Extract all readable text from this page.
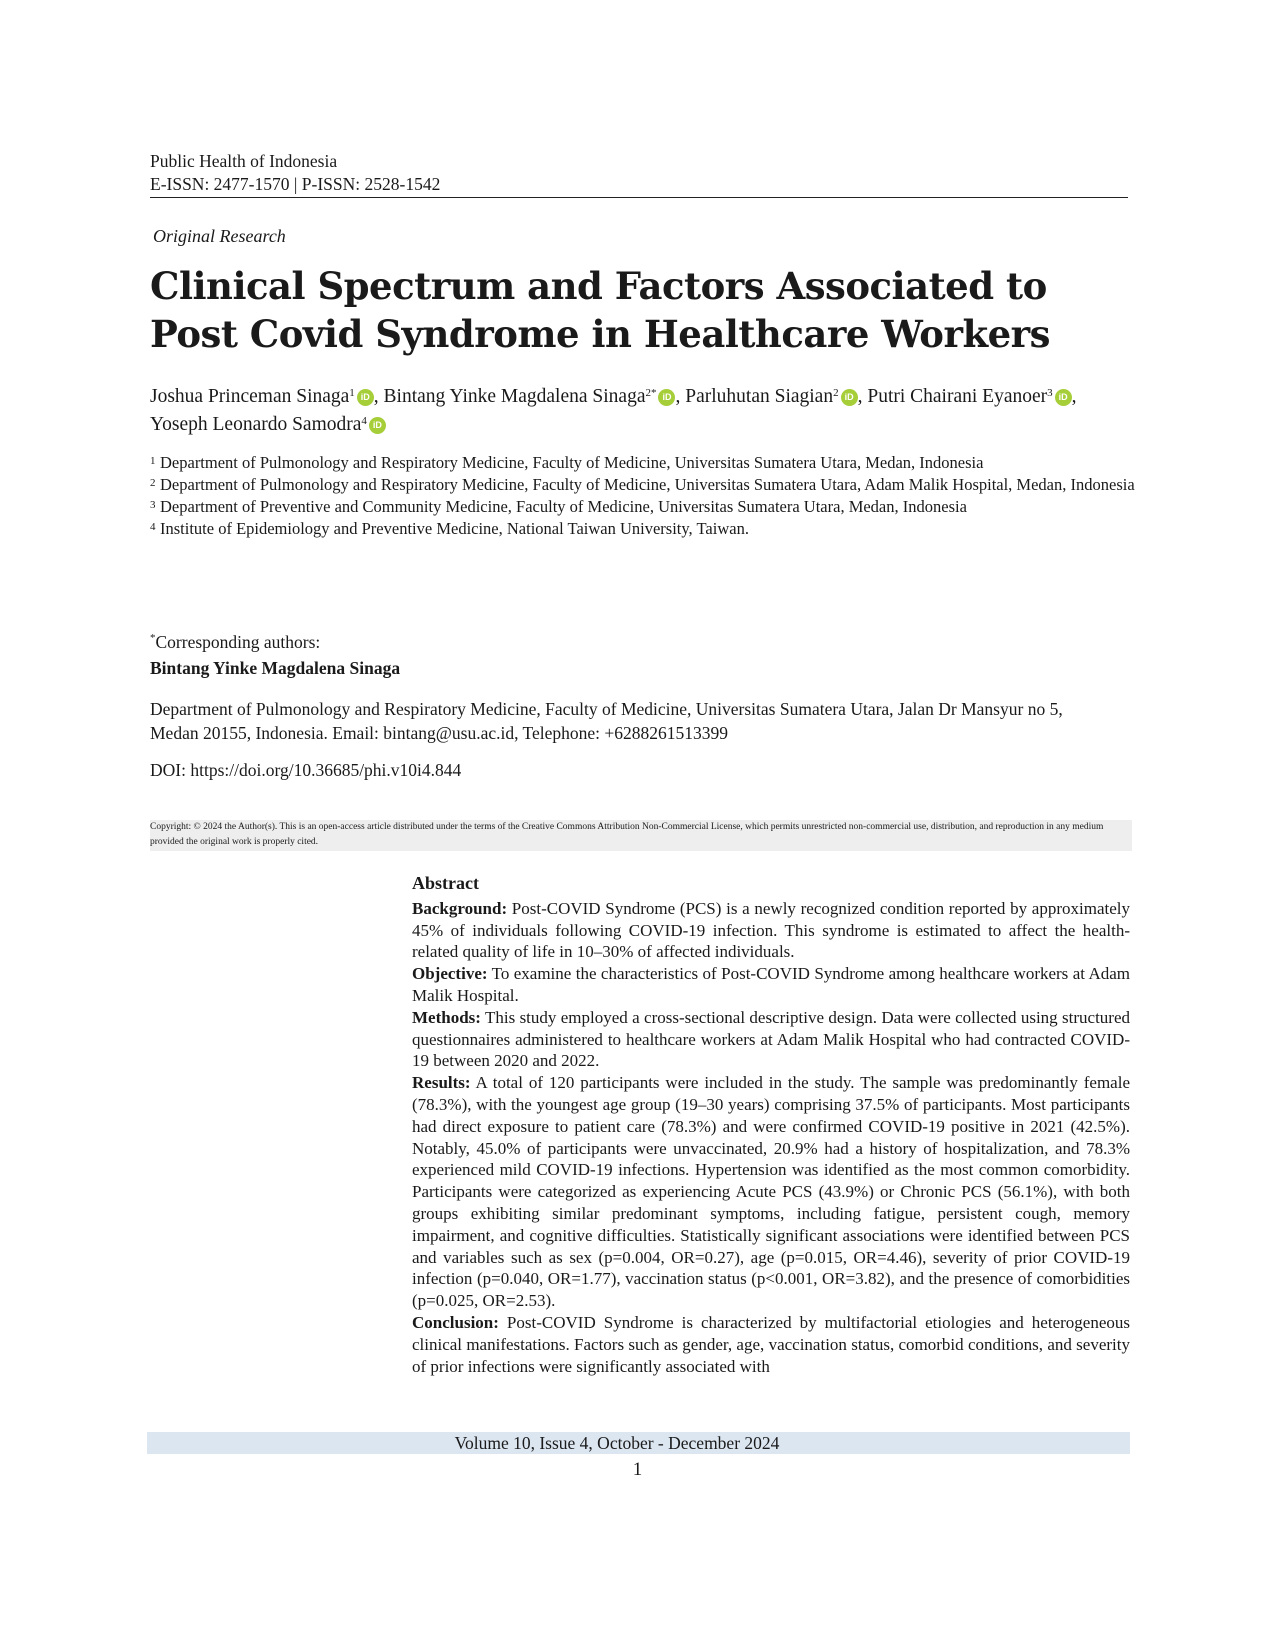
Public Health of Indonesia
E-ISSN: 2477-1570 | P-ISSN: 2528-1542
Original Research
Clinical Spectrum and Factors Associated to Post Covid Syndrome in Healthcare Workers
Joshua Princeman Sinaga$^1$ iD , Bintang Yinke Magdalena Sinaga$^{2*}$ iD , Parluhutan Siagian$^2$ iD , Putri Chairani Eyanoer$^3$ iD , Yoseph Leonardo Samodra$^4$ iD
1 Department of Pulmonology and Respiratory Medicine, Faculty of Medicine, Universitas Sumatera Utara, Medan, Indonesia
2 Department of Pulmonology and Respiratory Medicine, Faculty of Medicine, Universitas Sumatera Utara, Adam Malik Hospital, Medan, Indonesia
3 Department of Preventive and Community Medicine, Faculty of Medicine, Universitas Sumatera Utara, Medan, Indonesia
4 Institute of Epidemiology and Preventive Medicine, National Taiwan University, Taiwan.
*Corresponding authors:
Bintang Yinke Magdalena Sinaga
Department of Pulmonology and Respiratory Medicine, Faculty of Medicine, Universitas Sumatera Utara, Jalan Dr Mansyur no 5, Medan 20155, Indonesia. Email: bintang@usu.ac.id, Telephone: +6288261513399
DOI: https://doi.org/10.36685/phi.v10i4.844
Copyright: © 2024 the Author(s). This is an open-access article distributed under the terms of the Creative Commons Attribution Non-Commercial License, which permits unrestricted non-commercial use, distribution, and reproduction in any medium provided the original work is properly cited.
Abstract

Background: Post-COVID Syndrome (PCS) is a newly recognized condition reported by approximately 45% of individuals following COVID-19 infection. This syndrome is estimated to affect the health-related quality of life in 10–30% of affected individuals.

Objective: To examine the characteristics of Post-COVID Syndrome among healthcare workers at Adam Malik Hospital.

Methods: This study employed a cross-sectional descriptive design. Data were collected using structured questionnaires administered to healthcare workers at Adam Malik Hospital who had contracted COVID-19 between 2020 and 2022.

Results: A total of 120 participants were included in the study. The sample was predominantly female (78.3%), with the youngest age group (19–30 years) comprising 37.5% of participants. Most participants had direct exposure to patient care (78.3%) and were confirmed COVID-19 positive in 2021 (42.5%). Notably, 45.0% of participants were unvaccinated, 20.9% had a history of hospitalization, and 78.3% experienced mild COVID-19 infections. Hypertension was identified as the most common comorbidity. Participants were categorized as experiencing Acute PCS (43.9%) or Chronic PCS (56.1%), with both groups exhibiting similar predominant symptoms, including fatigue, persistent cough, memory impairment, and cognitive difficulties. Statistically significant associations were identified between PCS and variables such as sex (p=0.004, OR=0.27), age (p=0.015, OR=4.46), severity of prior COVID-19 infection (p=0.040, OR=1.77), vaccination status (p<0.001, OR=3.82), and the presence of comorbidities (p=0.025, OR=2.53).

Conclusion: Post-COVID Syndrome is characterized by multifactorial etiologies and heterogeneous clinical manifestations. Factors such as gender, age, vaccination status, comorbid conditions, and severity of prior infections were significantly associated with

Volume 10, Issue 4, October - December 2024
1
